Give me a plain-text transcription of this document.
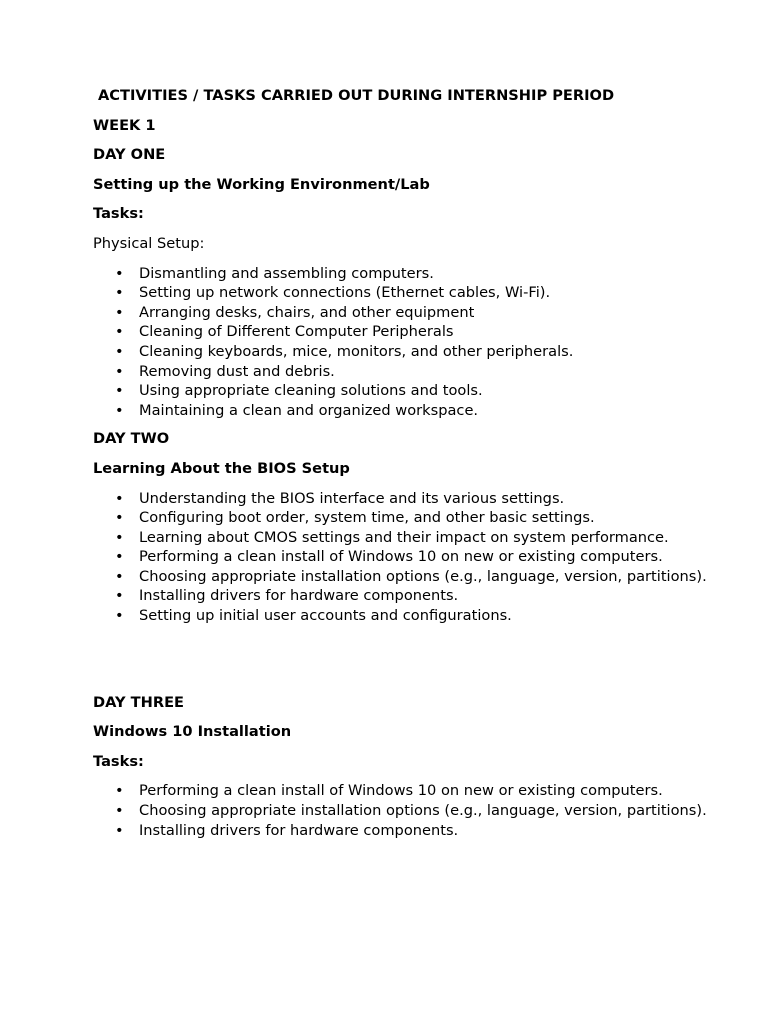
ACTIVITIES / TASKS CARRIED OUT DURING INTERNSHIP PERIOD
WEEK 1
DAY ONE
Setting up the Working Environment/Lab
Tasks:
Physical Setup:
• Dismantling and assembling computers.
• Setting up network connections (Ethernet cables, Wi-Fi).
• Arranging desks, chairs, and other equipment
• Cleaning of Different Computer Peripherals
• Cleaning keyboards, mice, monitors, and other peripherals.
• Removing dust and debris.
• Using appropriate cleaning solutions and tools.
• Maintaining a clean and organized workspace.
DAY TWO
Learning About the BIOS Setup
• Understanding the BIOS interface and its various settings.
• Configuring boot order, system time, and other basic settings.
• Learning about CMOS settings and their impact on system performance.
• Performing a clean install of Windows 10 on new or existing computers.
• Choosing appropriate installation options (e.g., language, version, partitions).
• Installing drivers for hardware components.
• Setting up initial user accounts and configurations.
DAY THREE
Windows 10 Installation
Tasks:
• Performing a clean install of Windows 10 on new or existing computers.
• Choosing appropriate installation options (e.g., language, version, partitions).
• Installing drivers for hardware components.
